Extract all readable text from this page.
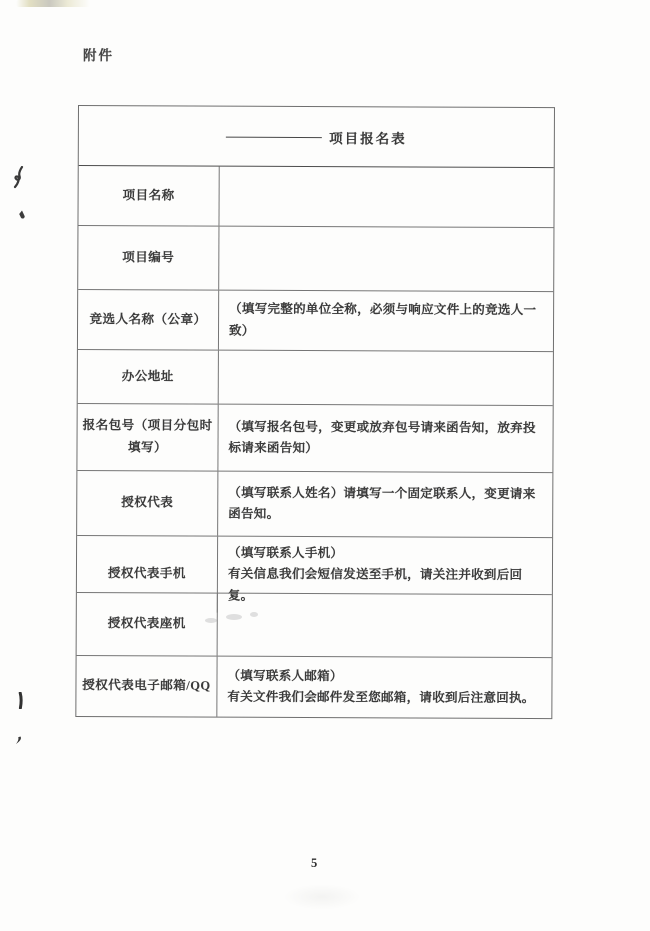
附件
项目报名表
项目名称
项目编号
竞选人名称（公章）
（填写完整的单位全称，必须与响应文件上的竞选人一致）
办公地址
报名包号（项目分包时填写）
（填写报名包号，变更或放弃包号请来函告知，放弃投标请来函告知）
授权代表
（填写联系人姓名）请填写一个固定联系人，变更请来函告知。
授权代表手机
（填写联系人手机）
有关信息我们会短信发送至手机，请关注并收到后回复。
授权代表座机
授权代表电子邮箱/QQ
（填写联系人邮箱）
有关文件我们会邮件发至您邮箱，请收到后注意回执。
5
